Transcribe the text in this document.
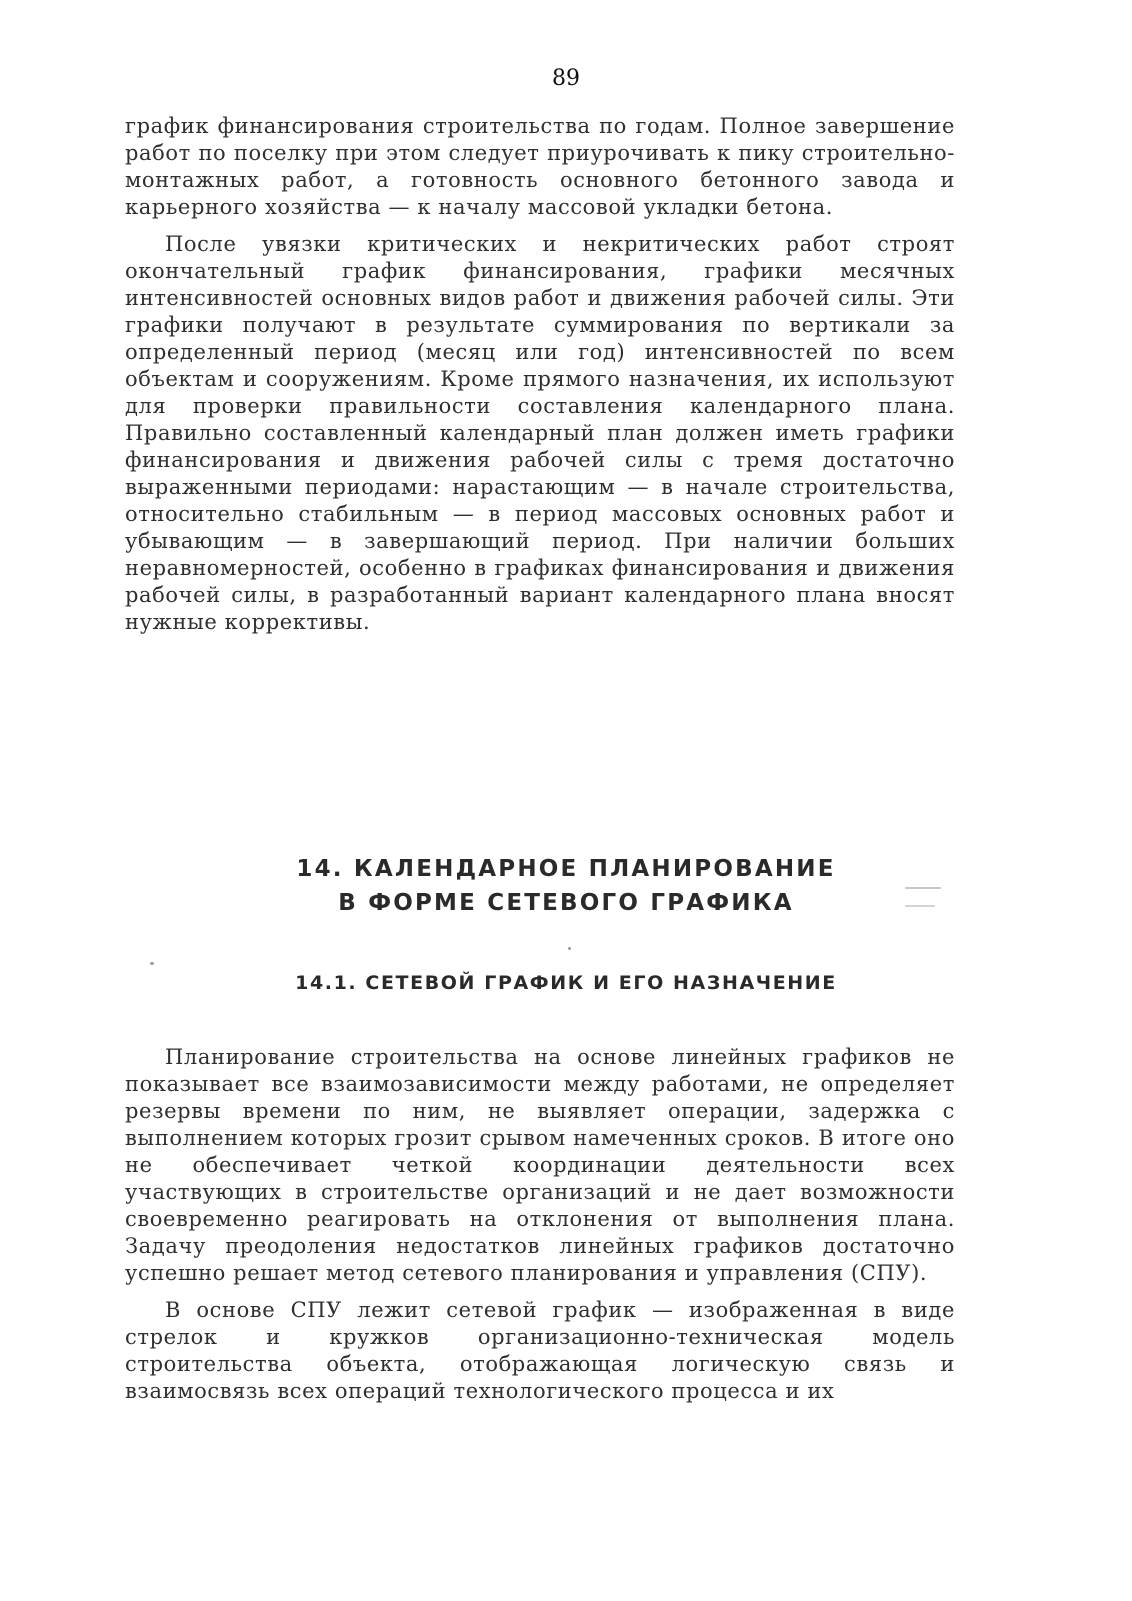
89

график финансирования строительства по годам. Полное завершение работ по поселку при этом следует приурочивать к пику строительно-монтажных работ, а готовность основного бетонного завода и карьерного хозяйства — к началу массовой укладки бетона.

После увязки критических и некритических работ строят окончательный график финансирования, графики месячных интенсивностей основных видов работ и движения рабочей силы. Эти графики получают в результате суммирования по вертикали за определенный период (месяц или год) интенсивностей по всем объектам и сооружениям. Кроме прямого назначения, их используют для проверки правильности составления календарного плана. Правильно составленный календарный план должен иметь графики финансирования и движения рабочей силы с тремя достаточно выраженными периодами: нарастающим — в начале строительства, относительно стабильным — в период массовых основных работ и убывающим — в завершающий период. При наличии больших неравномерностей, особенно в графиках финансирования и движения рабочей силы, в разработанный вариант календарного плана вносят нужные коррективы.

14. КАЛЕНДАРНОЕ ПЛАНИРОВАНИЕ
В ФОРМЕ СЕТЕВОГО ГРАФИКА
14.1. СЕТЕВОЙ ГРАФИК И ЕГО НАЗНАЧЕНИЕ

Планирование строительства на основе линейных графиков не показывает все взаимозависимости между работами, не определяет резервы времени по ним, не выявляет операции, задержка с выполнением которых грозит срывом намеченных сроков. В итоге оно не обеспечивает четкой координации деятельности всех участвующих в строительстве организаций и не дает возможности своевременно реагировать на отклонения от выполнения плана. Задачу преодоления недостатков линейных графиков достаточно успешно решает метод сетевого планирования и управления (СПУ).

В основе СПУ лежит сетевой график — изображенная в виде стрелок и кружков организационно-техническая модель строительства объекта, отображающая логическую связь и взаимосвязь всех операций технологического процесса и их
